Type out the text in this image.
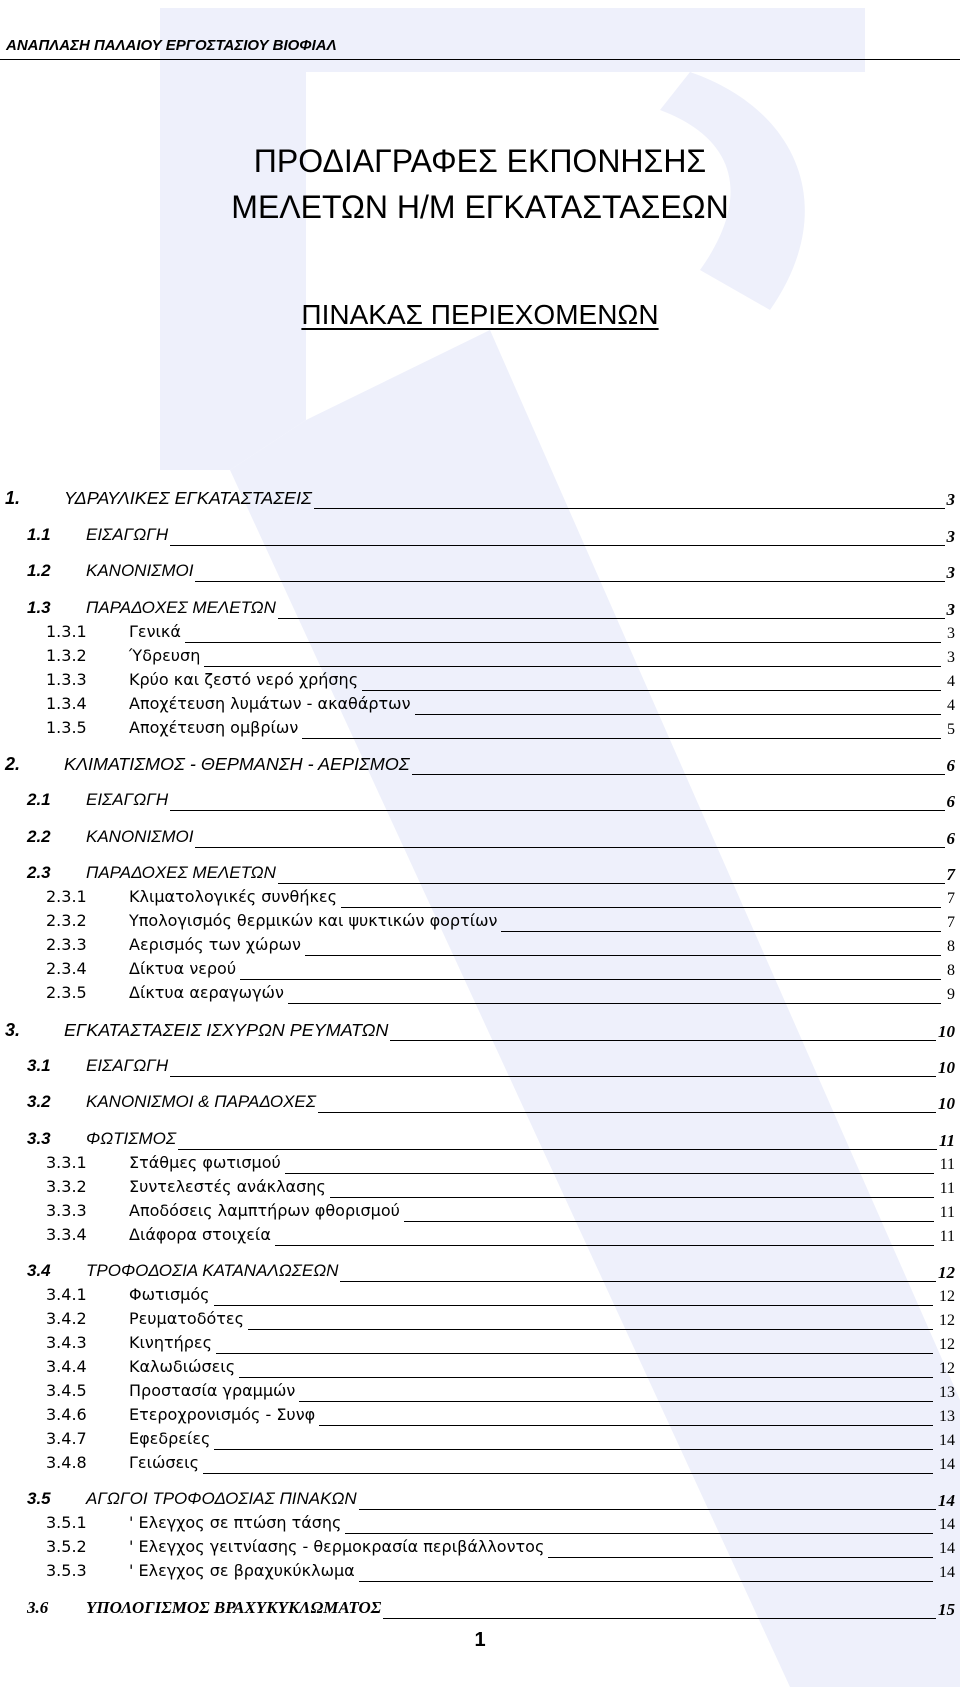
ΑΝΑΠΛΑΣΗ ΠΑΛΑΙΟΥ ΕΡΓΟΣΤΑΣΙΟΥ ΒΙΟΦΙΑΛ
ΠΡΟΔΙΑΓΡΑΦΕΣ ΕΚΠΟΝΗΣΗΣ
ΜΕΛΕΤΩΝ Η/Μ ΕΓΚΑΤΑΣΤΑΣΕΩΝ
ΠΙΝΑΚΑΣ ΠΕΡΙΕΧΟΜΕΝΩΝ
1.	ΥΔΡΑΥΛΙΚΕΣ ΕΓΚΑΤΑΣΤΑΣΕΙΣ	3
1.1	ΕΙΣΑΓΩΓΗ	3
1.2	ΚΑΝΟΝΙΣΜΟΙ	3
1.3	ΠΑΡΑΔΟΧΕΣ ΜΕΛΕΤΩΝ	3
1.3.1	Γενικά	3
1.3.2	Ύδρευση	3
1.3.3	Κρύο και ζεστό νερό χρήσης	4
1.3.4	Αποχέτευση λυμάτων - ακαθάρτων	4
1.3.5	Αποχέτευση ομβρίων	5
2.	ΚΛΙΜΑΤΙΣΜΟΣ - ΘΕΡΜΑΝΣΗ - ΑΕΡΙΣΜΟΣ	6
2.1	ΕΙΣΑΓΩΓΗ	6
2.2	ΚΑΝΟΝΙΣΜΟΙ	6
2.3	ΠΑΡΑΔΟΧΕΣ ΜΕΛΕΤΩΝ	7
2.3.1	Κλιματολογικές συνθήκες	7
2.3.2	Υπολογισμός θερμικών και ψυκτικών φορτίων	7
2.3.3	Αερισμός των χώρων	8
2.3.4	Δίκτυα νερού	8
2.3.5	Δίκτυα αεραγωγών	9
3.	ΕΓΚΑΤΑΣΤΑΣΕΙΣ ΙΣΧΥΡΩΝ ΡΕΥΜΑΤΩΝ	10
3.1	ΕΙΣΑΓΩΓΗ	10
3.2	ΚΑΝΟΝΙΣΜΟΙ & ΠΑΡΑΔΟΧΕΣ	10
3.3	ΦΩΤΙΣΜΟΣ	11
3.3.1	Στάθμες φωτισμού	11
3.3.2	Συντελεστές ανάκλασης	11
3.3.3	Αποδόσεις λαμπτήρων φθορισμού	11
3.3.4	Διάφορα στοιχεία	11
3.4	ΤΡΟΦΟΔΟΣΙΑ ΚΑΤΑΝΑΛΩΣΕΩΝ	12
3.4.1	Φωτισμός	12
3.4.2	Ρευματοδότες	12
3.4.3	Κινητήρες	12
3.4.4	Καλωδιώσεις	12
3.4.5	Προστασία γραμμών	13
3.4.6	Ετεροχρονισμός - Συνφ	13
3.4.7	Εφεδρείες	14
3.4.8	Γειώσεις	14
3.5	ΑΓΩΓΟΙ ΤΡΟΦΟΔΟΣΙΑΣ ΠΙΝΑΚΩΝ	14
3.5.1	' Ελεγχος σε πτώση τάσης	14
3.5.2	' Ελεγχος γειτνίασης - θερμοκρασία περιβάλλοντος	14
3.5.3	' Ελεγχος σε βραχυκύκλωμα	14
3.6	ΥΠΟΛΟΓΙΣΜΟΣ ΒΡΑΧΥΚΥΚΛΩΜΑΤΟΣ	15
1
